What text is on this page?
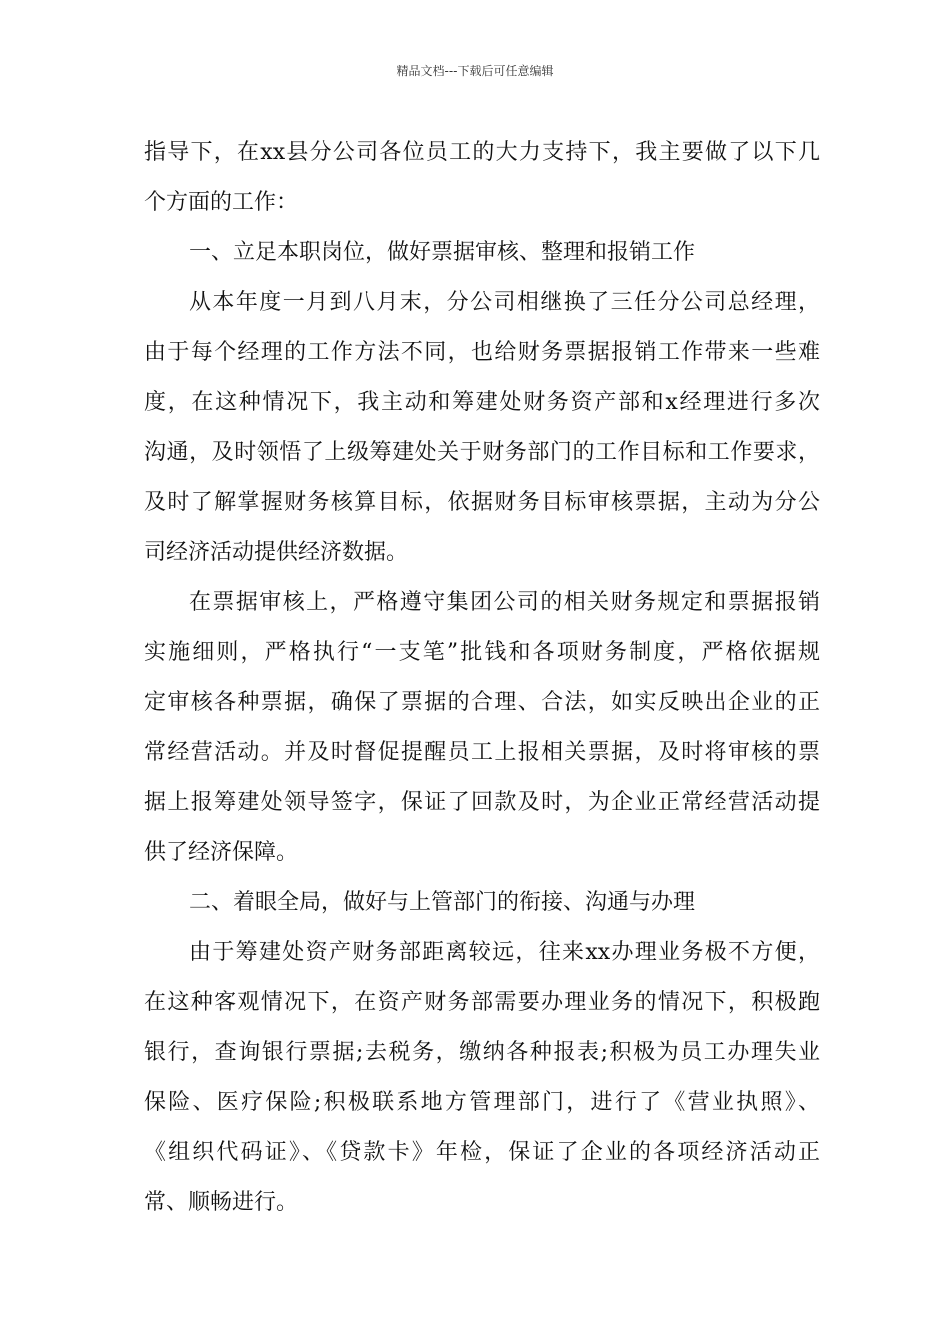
精品文档---下载后可任意编辑
指导下，在xx县分公司各位员工的大力支持下，我主要做了以下几
个方面的工作：
一、立足本职岗位，做好票据审核、整理和报销工作
从本年度一月到八月末，分公司相继换了三任分公司总经理，
由于每个经理的工作方法不同，也给财务票据报销工作带来一些难
度，在这种情况下，我主动和筹建处财务资产部和x经理进行多次
沟通，及时领悟了上级筹建处关于财务部门的工作目标和工作要求，
及时了解掌握财务核算目标，依据财务目标审核票据，主动为分公
司经济活动提供经济数据。
在票据审核上，严格遵守集团公司的相关财务规定和票据报销
实施细则，严格执行“一支笔”批钱和各项财务制度，严格依据规
定审核各种票据，确保了票据的合理、合法，如实反映出企业的正
常经营活动。并及时督促提醒员工上报相关票据，及时将审核的票
据上报筹建处领导签字，保证了回款及时，为企业正常经营活动提
供了经济保障。
二、着眼全局，做好与上管部门的衔接、沟通与办理
由于筹建处资产财务部距离较远，往来xx办理业务极不方便，
在这种客观情况下，在资产财务部需要办理业务的情况下，积极跑
银行，查询银行票据;去税务，缴纳各种报表;积极为员工办理失业
保险、医疗保险;积极联系地方管理部门，进行了《营业执照》、
《组织代码证》、《贷款卡》年检，保证了企业的各项经济活动正
常、顺畅进行。
